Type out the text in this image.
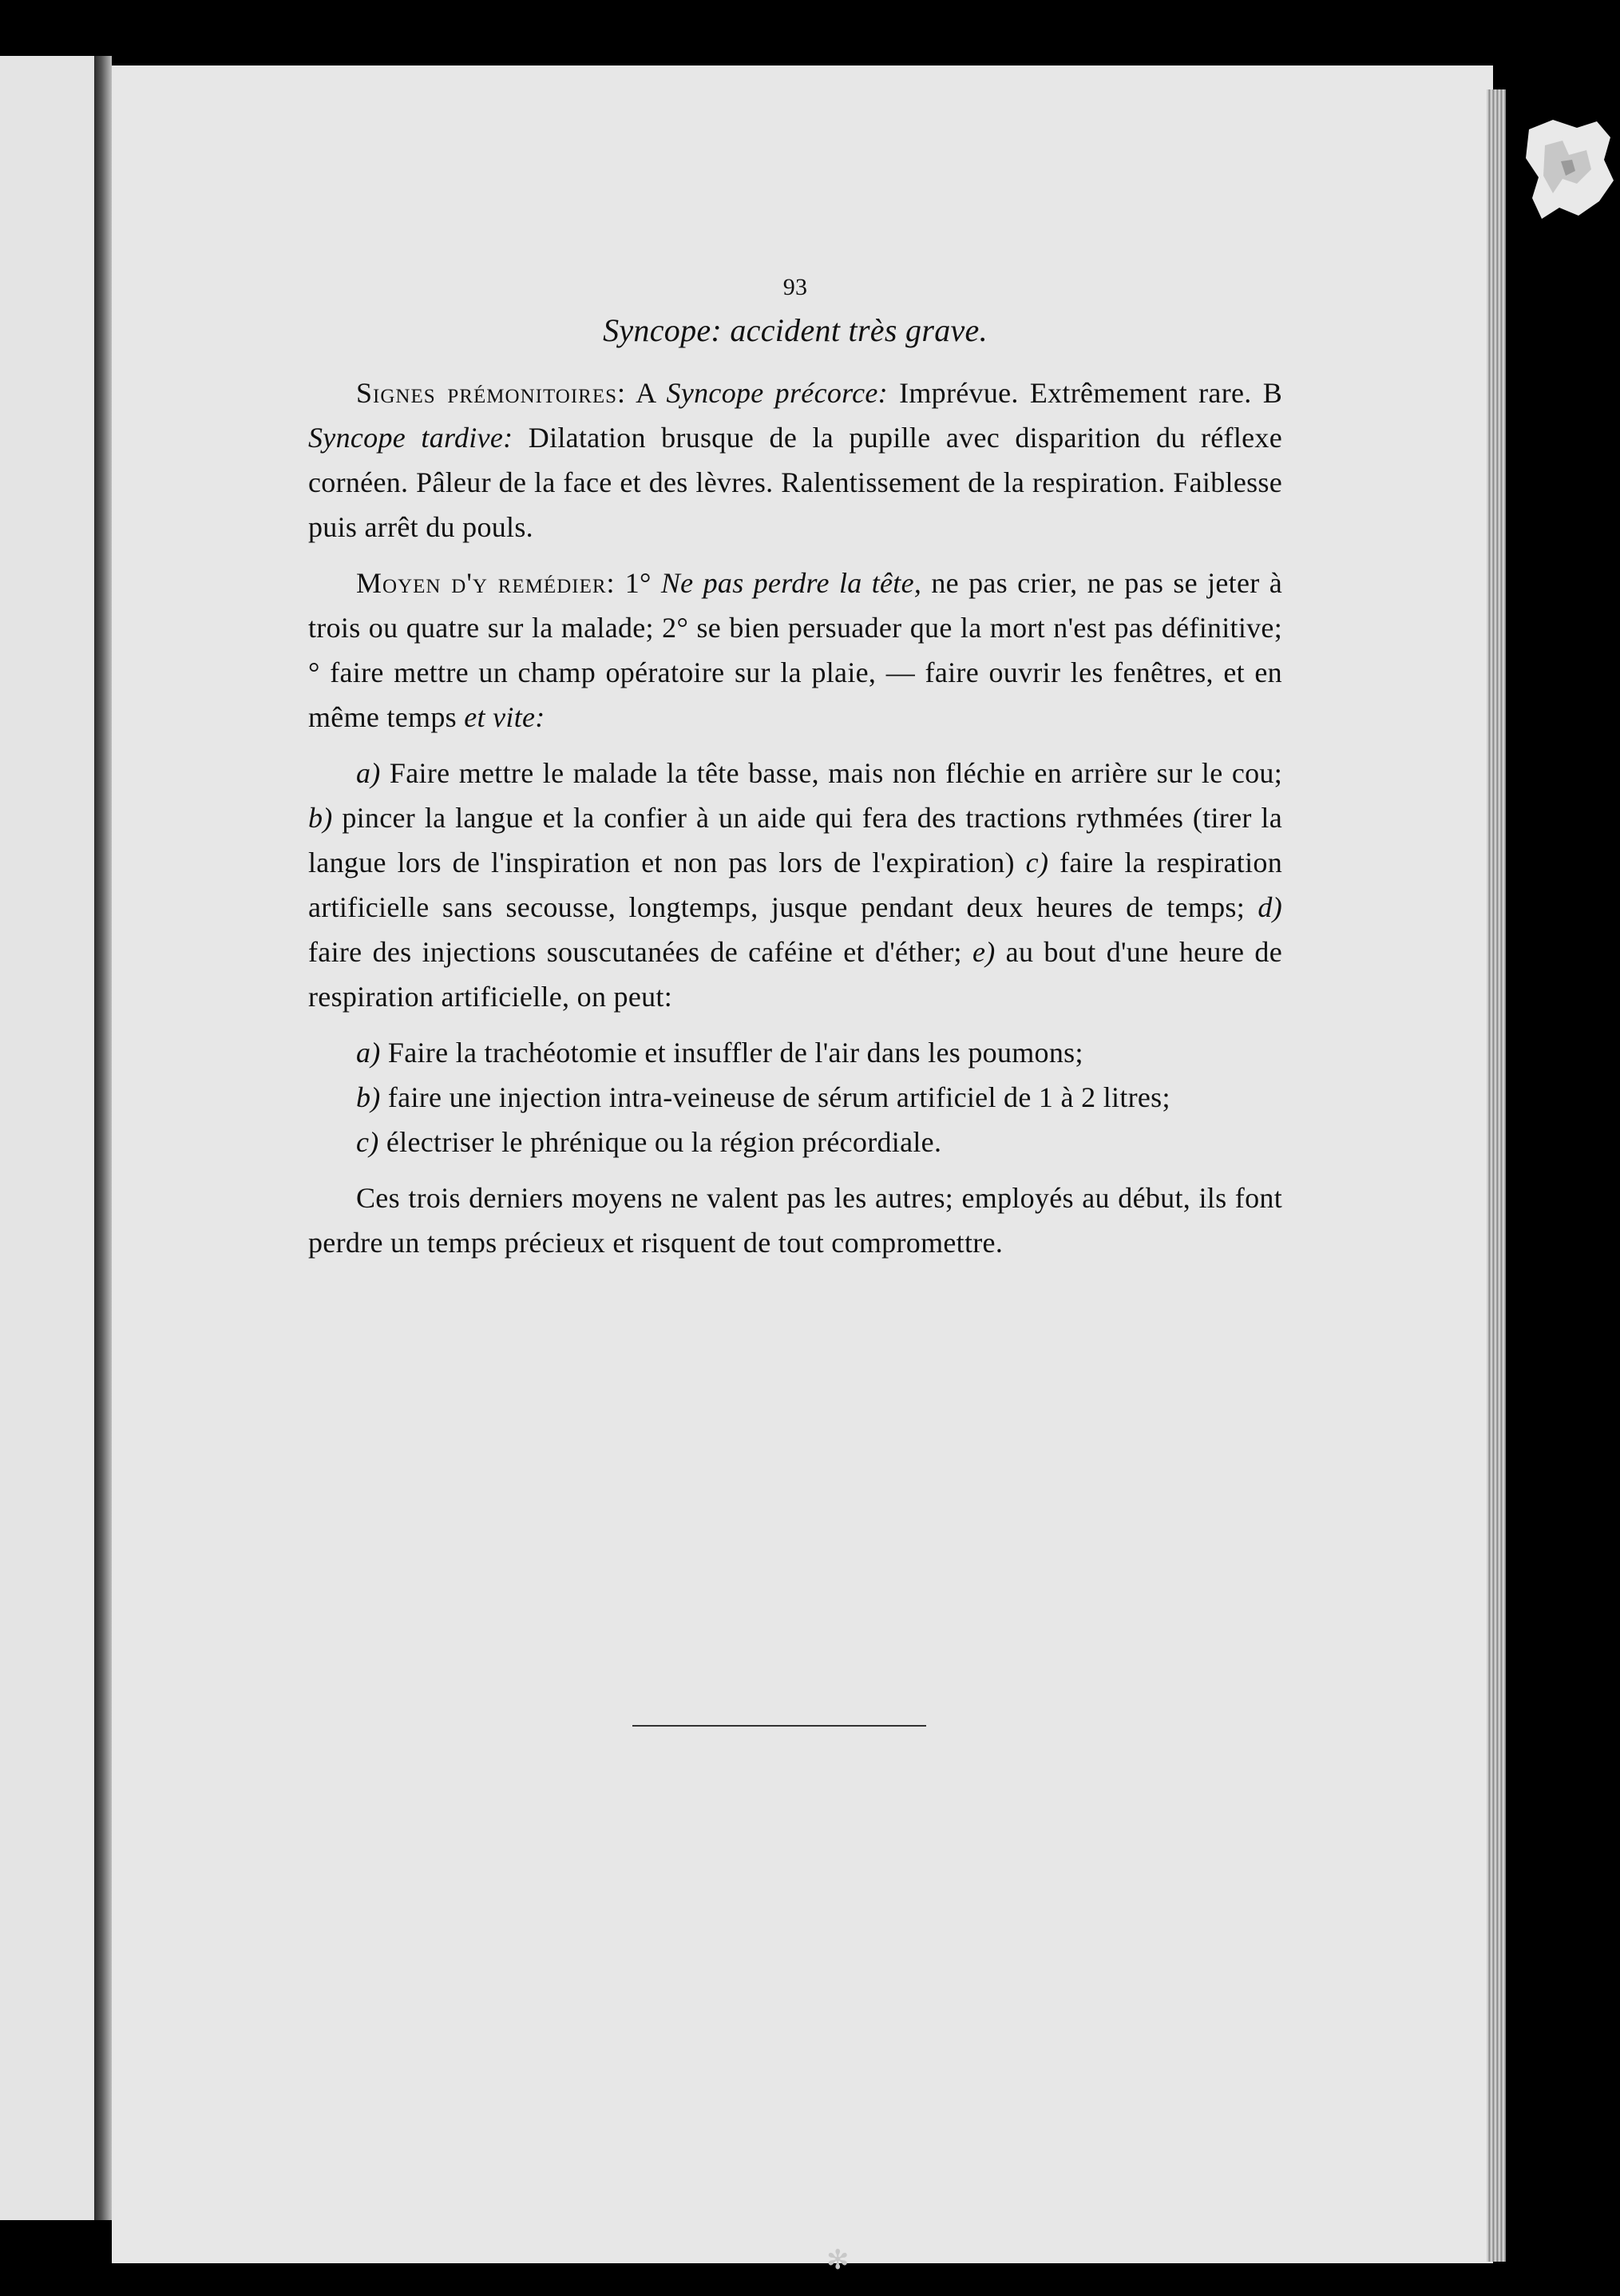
✻
93
Syncope: accident très grave.

Signes prémonitoires: A Syncope précorce: Imprévue. Extrêmement rare. B Syncope tardive: Dilatation brusque de la pupille avec disparition du réflexe cornéen. Pâleur de la face et des lèvres. Ralentissement de la respiration. Faiblesse puis arrêt du pouls.

Moyen d'y remédier: 1° Ne pas perdre la tête, ne pas crier, ne pas se jeter à trois ou quatre sur la malade; 2° se bien persuader que la mort n'est pas définitive; ° faire mettre un champ opératoire sur la plaie, — faire ouvrir les fenêtres, et en même temps et vite:

a) Faire mettre le malade la tête basse, mais non fléchie en arrière sur le cou; b) pincer la langue et la confier à un aide qui fera des tractions rythmées (tirer la langue lors de l'inspiration et non pas lors de l'expiration) c) faire la respiration artificielle sans secousse, longtemps, jusque pendant deux heures de temps; d) faire des injections souscutanées de caféine et d'éther; e) au bout d'une heure de respiration artificielle, on peut:

a) Faire la trachéotomie et insuffler de l'air dans les poumons;

b) faire une injection intra-veineuse de sérum artificiel de 1 à 2 litres;

c) électriser le phrénique ou la région précordiale.

Ces trois derniers moyens ne valent pas les autres; employés au début, ils font perdre un temps précieux et risquent de tout compromettre.
